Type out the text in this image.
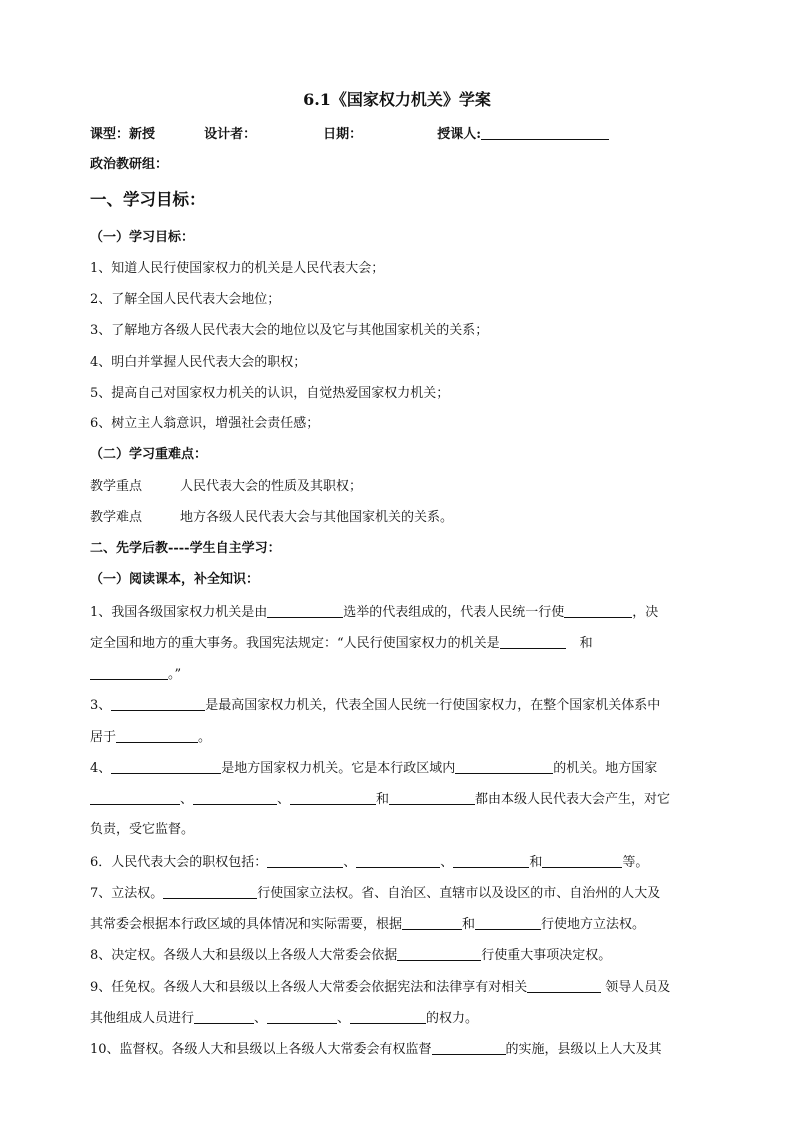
6.1《国家权力机关》学案
课型：新授	设计者：	日期：	授课人:
政治教研组：
一、学习目标：
（一）学习目标：
1、知道人民行使国家权力的机关是人民代表大会；
2、了解全国人民代表大会地位；
3、了解地方各级人民代表大会的地位以及它与其他国家机关的关系；
4、明白并掌握人民代表大会的职权；
5、提高自己对国家权力机关的认识，自觉热爱国家权力机关；
6、树立主人翁意识，增强社会责任感；
（二）学习重难点：
教学重点	人民代表大会的性质及其职权；
教学难点	地方各级人民代表大会与其他国家机关的关系。
二、先学后教----学生自主学习：
（一）阅读课本，补全知识：
1、我国各级国家权力机关是由	选举的代表组成的，代表人民统一行使	，决
定全国和地方的重大事务。我国宪法规定：“人民行使国家权力的机关是	和
。”
3、	是最高国家权力机关，代表全国人民统一行使国家权力，在整个国家机关体系中
居于	。
4、	是地方国家权力机关。它是本行政区域内	的机关。地方国家
、	、	和	都由本级人民代表大会产生，对它
负责，受它监督。
6．人民代表大会的职权包括：	、	、	和	等。
7、立法权。	行使国家立法权。省、自治区、直辖市以及设区的市、自治州的人大及
其常委会根据本行政区域的具体情况和实际需要，根据	和	行使地方立法权。
8、决定权。各级人大和县级以上各级人大常委会依据	行使重大事项决定权。
9、任免权。各级人大和县级以上各级人大常委会依据宪法和法律享有对相关	领导人员及
其他组成人员进行	、	、	的权力。
10、监督权。各级人大和县级以上各级人大常委会有权监督	的实施，县级以上人大及其
